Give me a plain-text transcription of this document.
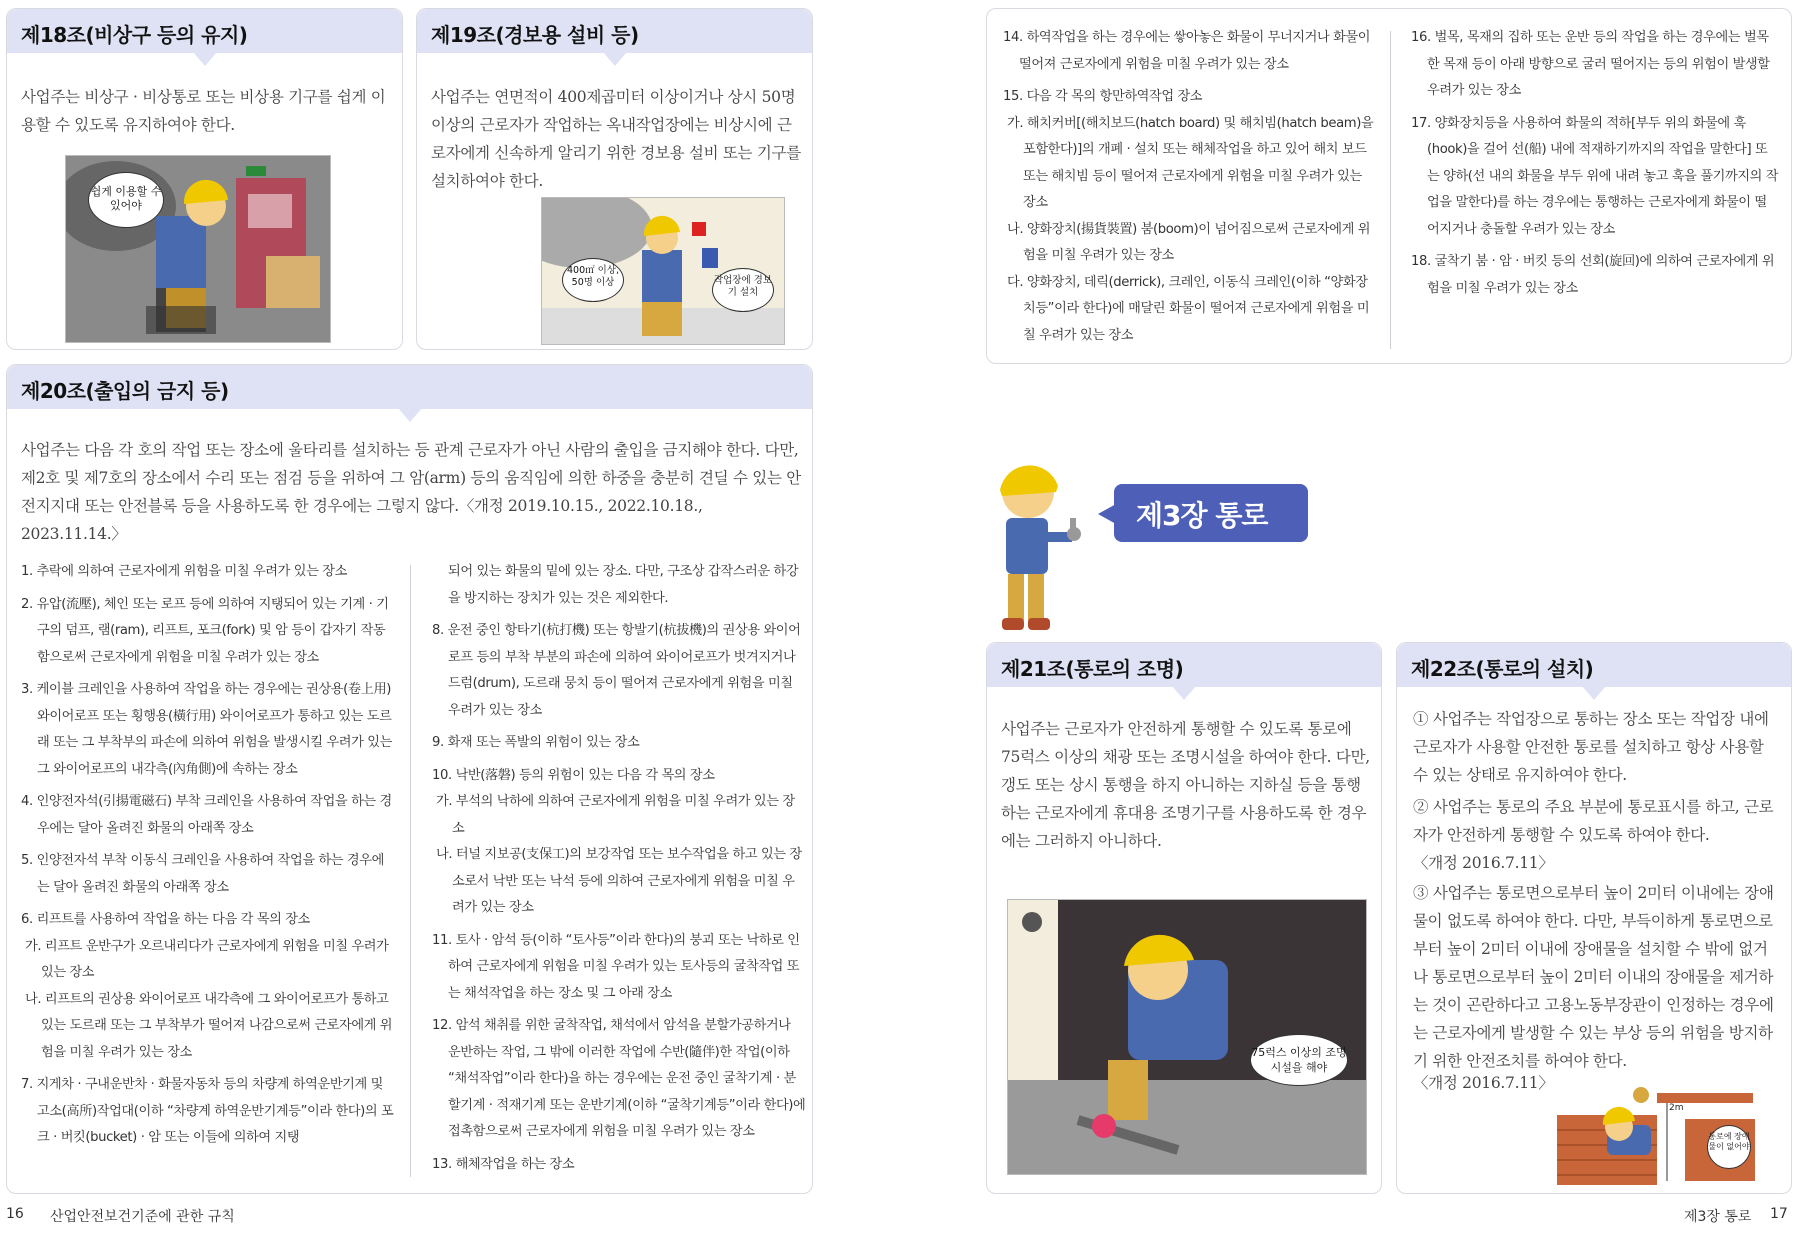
제18조(비상구 등의 유지)
사업주는 비상구 · 비상통로 또는 비상용 기구를 쉽게 이용할 수 있도록 유지하여야 한다.
쉽게 이용할 수 있어야
제19조(경보용 설비 등)
사업주는 연면적이 400제곱미터 이상이거나 상시 50명 이상의 근로자가 작업하는 옥내작업장에는 비상시에 근로자에게 신속하게 알리기 위한 경보용 설비 또는 기구를 설치하여야 한다.
400㎡ 이상, 50명 이상	작업장에 경보기 설치
제20조(출입의 금지 등)
사업주는 다음 각 호의 작업 또는 장소에 울타리를 설치하는 등 관계 근로자가 아닌 사람의 출입을 금지해야 한다. 다만, 제2호 및 제7호의 장소에서 수리 또는 점검 등을 위하여 그 암(arm) 등의 움직임에 의한 하중을 충분히 견딜 수 있는 안전지지대 또는 안전블록 등을 사용하도록 한 경우에는 그렇지 않다.〈개정 2019.10.15., 2022.10.18., 2023.11.14.〉

1. 추락에 의하여 근로자에게 위험을 미칠 우려가 있는 장소

2. 유압(流壓), 체인 또는 로프 등에 의하여 지탱되어 있는 기계 · 기구의 덤프, 램(ram), 리프트, 포크(fork) 및 암 등이 갑자기 작동함으로써 근로자에게 위험을 미칠 우려가 있는 장소

3. 케이블 크레인을 사용하여 작업을 하는 경우에는 권상용(卷上用) 와이어로프 또는 횡행용(橫行用) 와이어로프가 통하고 있는 도르래 또는 그 부착부의 파손에 의하여 위험을 발생시킬 우려가 있는 그 와이어로프의 내각측(內角側)에 속하는 장소

4. 인양전자석(引揚電磁石) 부착 크레인을 사용하여 작업을 하는 경우에는 달아 올려진 화물의 아래쪽 장소

5. 인양전자석 부착 이동식 크레인을 사용하여 작업을 하는 경우에는 달아 올려진 화물의 아래쪽 장소

6. 리프트를 사용하여 작업을 하는 다음 각 목의 장소

가. 리프트 운반구가 오르내리다가 근로자에게 위험을 미칠 우려가 있는 장소

나. 리프트의 권상용 와이어로프 내각측에 그 와이어로프가 통하고 있는 도르래 또는 그 부착부가 떨어져 나감으로써 근로자에게 위험을 미칠 우려가 있는 장소

7. 지게차 · 구내운반차 · 화물자동차 등의 차량계 하역운반기계 및 고소(高所)작업대(이하 “차량계 하역운반기계등”이라 한다)의 포크 · 버킷(bucket) · 암 또는 이들에 의하여 지탱

되어 있는 화물의 밑에 있는 장소. 다만, 구조상 갑작스러운 하강을 방지하는 장치가 있는 것은 제외한다.

8. 운전 중인 항타기(杭打機) 또는 항발기(杭拔機)의 권상용 와이어로프 등의 부착 부분의 파손에 의하여 와이어로프가 벗겨지거나 드럼(drum), 도르래 뭉치 등이 떨어져 근로자에게 위험을 미칠 우려가 있는 장소

9. 화재 또는 폭발의 위험이 있는 장소

10. 낙반(落磐) 등의 위험이 있는 다음 각 목의 장소

가. 부석의 낙하에 의하여 근로자에게 위험을 미칠 우려가 있는 장소

나. 터널 지보공(支保工)의 보강작업 또는 보수작업을 하고 있는 장소로서 낙반 또는 낙석 등에 의하여 근로자에게 위험을 미칠 우려가 있는 장소

11. 토사 · 암석 등(이하 “토사등”이라 한다)의 붕괴 또는 낙하로 인하여 근로자에게 위험을 미칠 우려가 있는 토사등의 굴착작업 또는 채석작업을 하는 장소 및 그 아래 장소

12. 암석 채취를 위한 굴착작업, 채석에서 암석을 분할가공하거나 운반하는 작업, 그 밖에 이러한 작업에 수반(隨伴)한 작업(이하 “채석작업”이라 한다)을 하는 경우에는 운전 중인 굴착기계 · 분할기계 · 적재기계 또는 운반기계(이하 “굴착기계등”이라 한다)에 접촉함으로써 근로자에게 위험을 미칠 우려가 있는 장소

13. 해체작업을 하는 장소

14. 하역작업을 하는 경우에는 쌓아놓은 화물이 무너지거나 화물이 떨어져 근로자에게 위험을 미칠 우려가 있는 장소

15. 다음 각 목의 항만하역작업 장소

가. 해치커버[(해치보드(hatch board) 및 해치빔(hatch beam)을 포함한다)]의 개폐 · 설치 또는 해체작업을 하고 있어 해치 보드 또는 해치빔 등이 떨어져 근로자에게 위험을 미칠 우려가 있는 장소

나. 양화장치(揚貨裝置) 붐(boom)이 넘어짐으로써 근로자에게 위험을 미칠 우려가 있는 장소

다. 양화장치, 데릭(derrick), 크레인, 이동식 크레인(이하 “양화장치등”이라 한다)에 매달린 화물이 떨어져 근로자에게 위험을 미칠 우려가 있는 장소

16. 벌목, 목재의 집하 또는 운반 등의 작업을 하는 경우에는 벌목한 목재 등이 아래 방향으로 굴러 떨어지는 등의 위험이 발생할 우려가 있는 장소

17. 양화장치등을 사용하여 화물의 적하[부두 위의 화물에 훅(hook)을 걸어 선(船) 내에 적재하기까지의 작업을 말한다] 또는 양하(선 내의 화물을 부두 위에 내려 놓고 훅을 풀기까지의 작업을 말한다)를 하는 경우에는 통행하는 근로자에게 화물이 떨어지거나 충돌할 우려가 있는 장소

18. 굴착기 붐 · 암 · 버킷 등의 선회(旋回)에 의하여 근로자에게 위험을 미칠 우려가 있는 장소

제3장 통로
제21조(통로의 조명)
사업주는 근로자가 안전하게 통행할 수 있도록 통로에 75럭스 이상의 채광 또는 조명시설을 하여야 한다. 다만, 갱도 또는 상시 통행을 하지 아니하는 지하실 등을 통행하는 근로자에게 휴대용 조명기구를 사용하도록 한 경우에는 그러하지 아니하다.
75럭스 이상의 조명시설을 해야
제22조(통로의 설치)
① 사업주는 작업장으로 통하는 장소 또는 작업장 내에 근로자가 사용할 안전한 통로를 설치하고 항상 사용할 수 있는 상태로 유지하여야 한다.
② 사업주는 통로의 주요 부분에 통로표시를 하고, 근로자가 안전하게 통행할 수 있도록 하여야 한다.
〈개정 2016.7.11〉
③ 사업주는 통로면으로부터 높이 2미터 이내에는 장애물이 없도록 하여야 한다. 다만, 부득이하게 통로면으로부터 높이 2미터 이내에 장애물을 설치할 수 밖에 없거나 통로면으로부터 높이 2미터 이내의 장애물을 제거하는 것이 곤란하다고 고용노동부장관이 인정하는 경우에는 근로자에게 발생할 수 있는 부상 등의 위험을 방지하기 위한 안전조치를 하여야 한다.
〈개정 2016.7.11〉
2m
통로에 장애물이 없어야
16 산업안전보건기준에 관한 규칙	제3장 통로 17
